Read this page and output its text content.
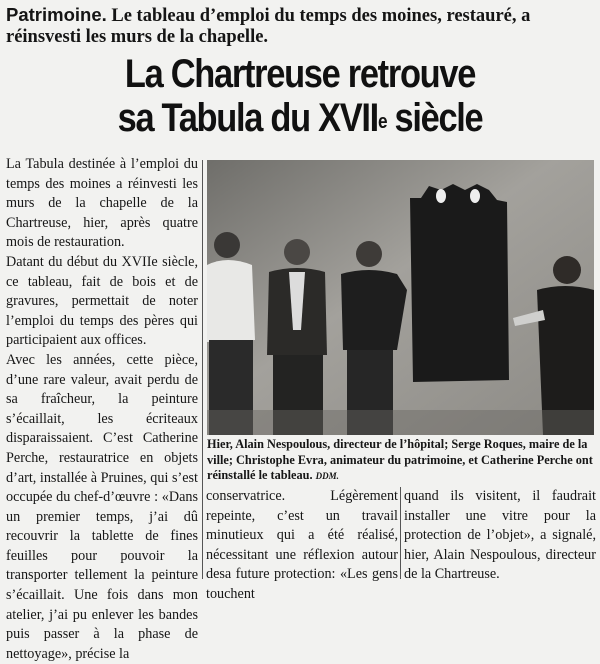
Patrimoine. Le tableau d’emploi du temps des moines, restauré, a réinsvesti les murs de la chapelle.
La Chartreuse retrouve
sa Tabula du XVIIe siècle

La Tabula destinée à l’emploi du temps des moines a réinvesti les murs de la chapelle de la Chartreuse, hier, après quatre mois de restauration.

Datant du début du XVIIe siècle, ce tableau, fait de bois et de gravures, permettait de noter l’emploi du temps des pères qui participaient aux offices.

Avec les années, cette pièce, d’une rare valeur, avait perdu de sa fraîcheur, la peinture s’écaillait, les écriteaux disparaissaient. C’est Catherine Perche, restauratrice en objets d’art, installée à Pruines, qui s’est occupée du chef-d’œuvre : «Dans un premier temps, j’ai dû recouvrir la tablette de fines feuilles pour pouvoir la transporter tellement la peinture s’écaillait. Une fois dans mon atelier, j’ai pu enlever les bandes puis passer à la phase de nettoyage», précise la

Hier, Alain Nespoulous, directeur de l’hôpital; Serge Roques, maire de la ville; Christophe Evra, animateur du patrimoine, et Catherine Perche ont réinstallé le tableau. DDM.

conservatrice. Légèrement repeinte, c’est un travail minutieux qui a été réalisé, nécessitant une réflexion autour desa future protection: «Les gens touchent

quand ils visitent, il faudrait installer une vitre pour la protection de l’objet», a signalé, hier, Alain Nespoulous, directeur de la Chartreuse.
